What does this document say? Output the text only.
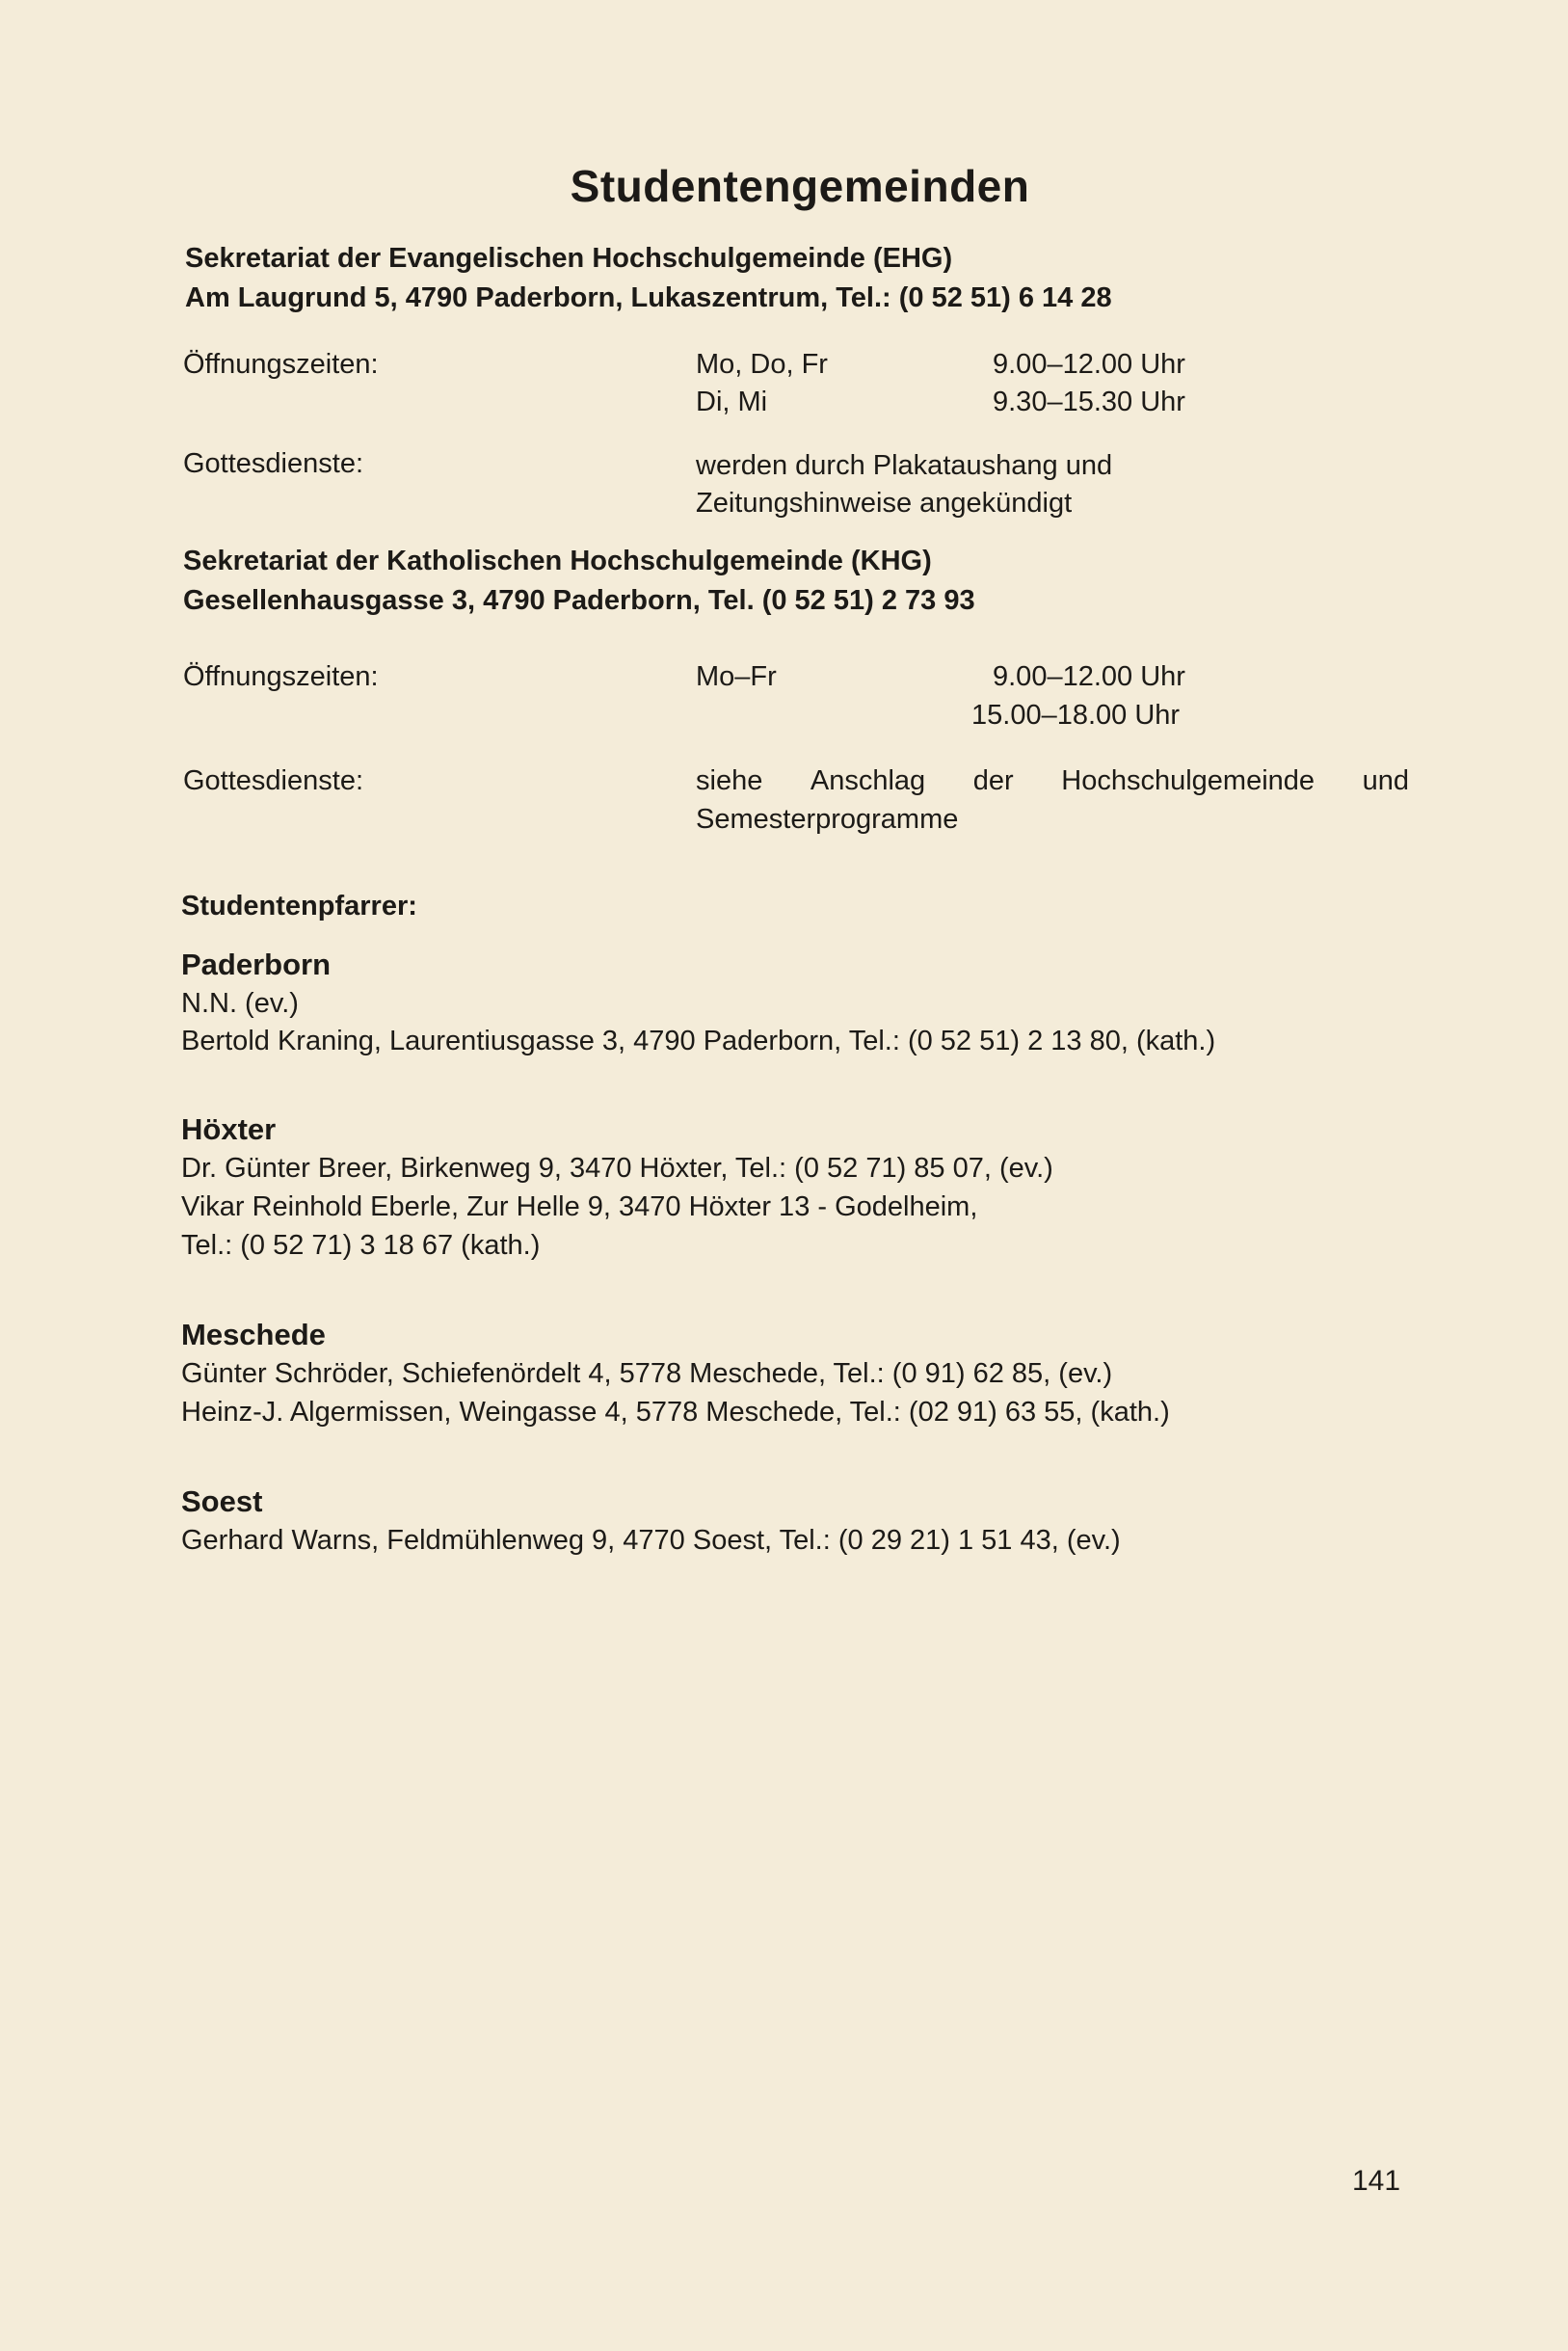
Studentengemeinden
Sekretariat der Evangelischen Hochschulgemeinde (EHG)
Am Laugrund 5, 4790 Paderborn, Lukaszentrum, Tel.: (0 52 51) 6 14 28
Öffnungszeiten:	Mo, Do, Fr	9.00–12.00 Uhr
Di, Mi	9.30–15.30 Uhr
Gottesdienste:	werden durch Plakataushang und
Zeitungshinweise angekündigt
Sekretariat der Katholischen Hochschulgemeinde (KHG)
Gesellenhausgasse 3, 4790 Paderborn, Tel. (0 52 51) 2 73 93
Öffnungszeiten:	Mo–Fr	9.00–12.00 Uhr
15.00–18.00 Uhr
Gottesdienste:	siehe Anschlag der Hochschulgemeinde und
Semesterprogramme
Studentenpfarrer:
Paderborn
N.N. (ev.)
Bertold Kraning, Laurentiusgasse 3, 4790 Paderborn, Tel.: (0 52 51) 2 13 80, (kath.)
Höxter
Dr. Günter Breer, Birkenweg 9, 3470 Höxter, Tel.: (0 52 71) 85 07, (ev.)
Vikar Reinhold Eberle, Zur Helle 9, 3470 Höxter 13 - Godelheim,
Tel.: (0 52 71) 3 18 67 (kath.)
Meschede
Günter Schröder, Schiefenördelt 4, 5778 Meschede, Tel.: (0 91) 62 85, (ev.)
Heinz-J. Algermissen, Weingasse 4, 5778 Meschede, Tel.: (02 91) 63 55, (kath.)
Soest
Gerhard Warns, Feldmühlenweg 9, 4770 Soest, Tel.: (0 29 21) 1 51 43, (ev.)
141
